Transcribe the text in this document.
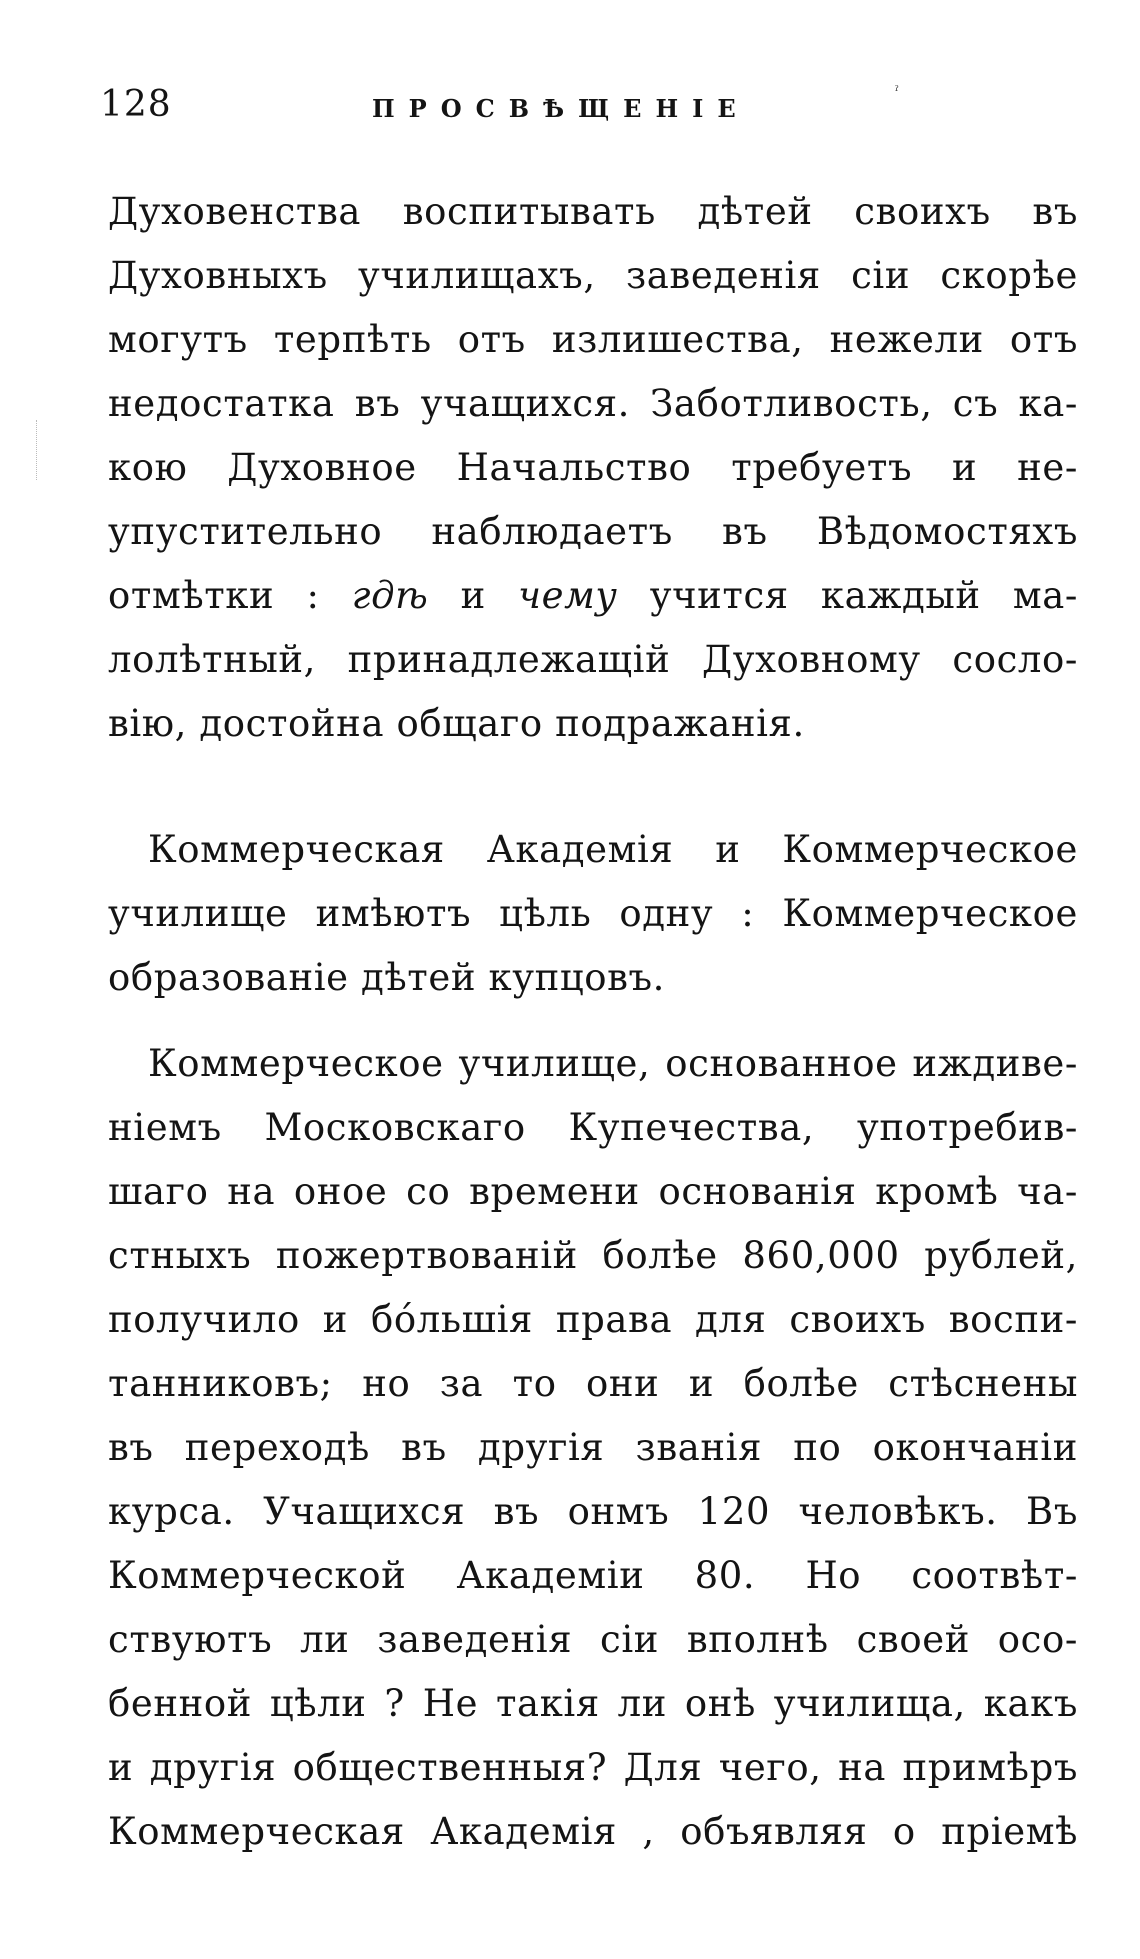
128	ПРОСВѢЩЕНІЕ
ˀ
Духовенства воспитывать дѣтей своихъ въ
Духовныхъ училищахъ, заведенія сіи скорѣе
могутъ терпѣть отъ излишества, нежели отъ
недостатка въ учащихся. Заботливость, съ ка-
кою Духовное Начальство требуетъ и не-
упустительно наблюдаетъ въ Вѣдомостяхъ
отмѣтки : гдѣ и чему учится каждый ма-
лолѣтный, принадлежащій Духовному сосло-
вію, достойна общаго подражанія.
Коммерческая Академія и Коммерческое
училище имѣютъ цѣль одну : Коммерческое
образованіе дѣтей купцовъ.
Коммерческое училище, основанное иждиве-
ніемъ Московскаго Купечества, употребив-
шаго на оное со времени основанія кромѣ ча-
стныхъ пожертвованій болѣе 860,000 рублей,
получило и бóльшія права для своихъ воспи-
танниковъ; но за то они и болѣе стѣснены
въ переходѣ въ другія званія по окончаніи
курса. Учащихся въ онмъ 120 человѣкъ. Въ
Коммерческой Академіи 80. Но соотвѣт-
ствуютъ ли заведенія сіи вполнѣ своей осо-
бенной цѣли ? Не такія ли онѣ училища, какъ
и другія общественныя? Для чего, на примѣръ
Коммерческая Академія , объявляя о пріемѣ
